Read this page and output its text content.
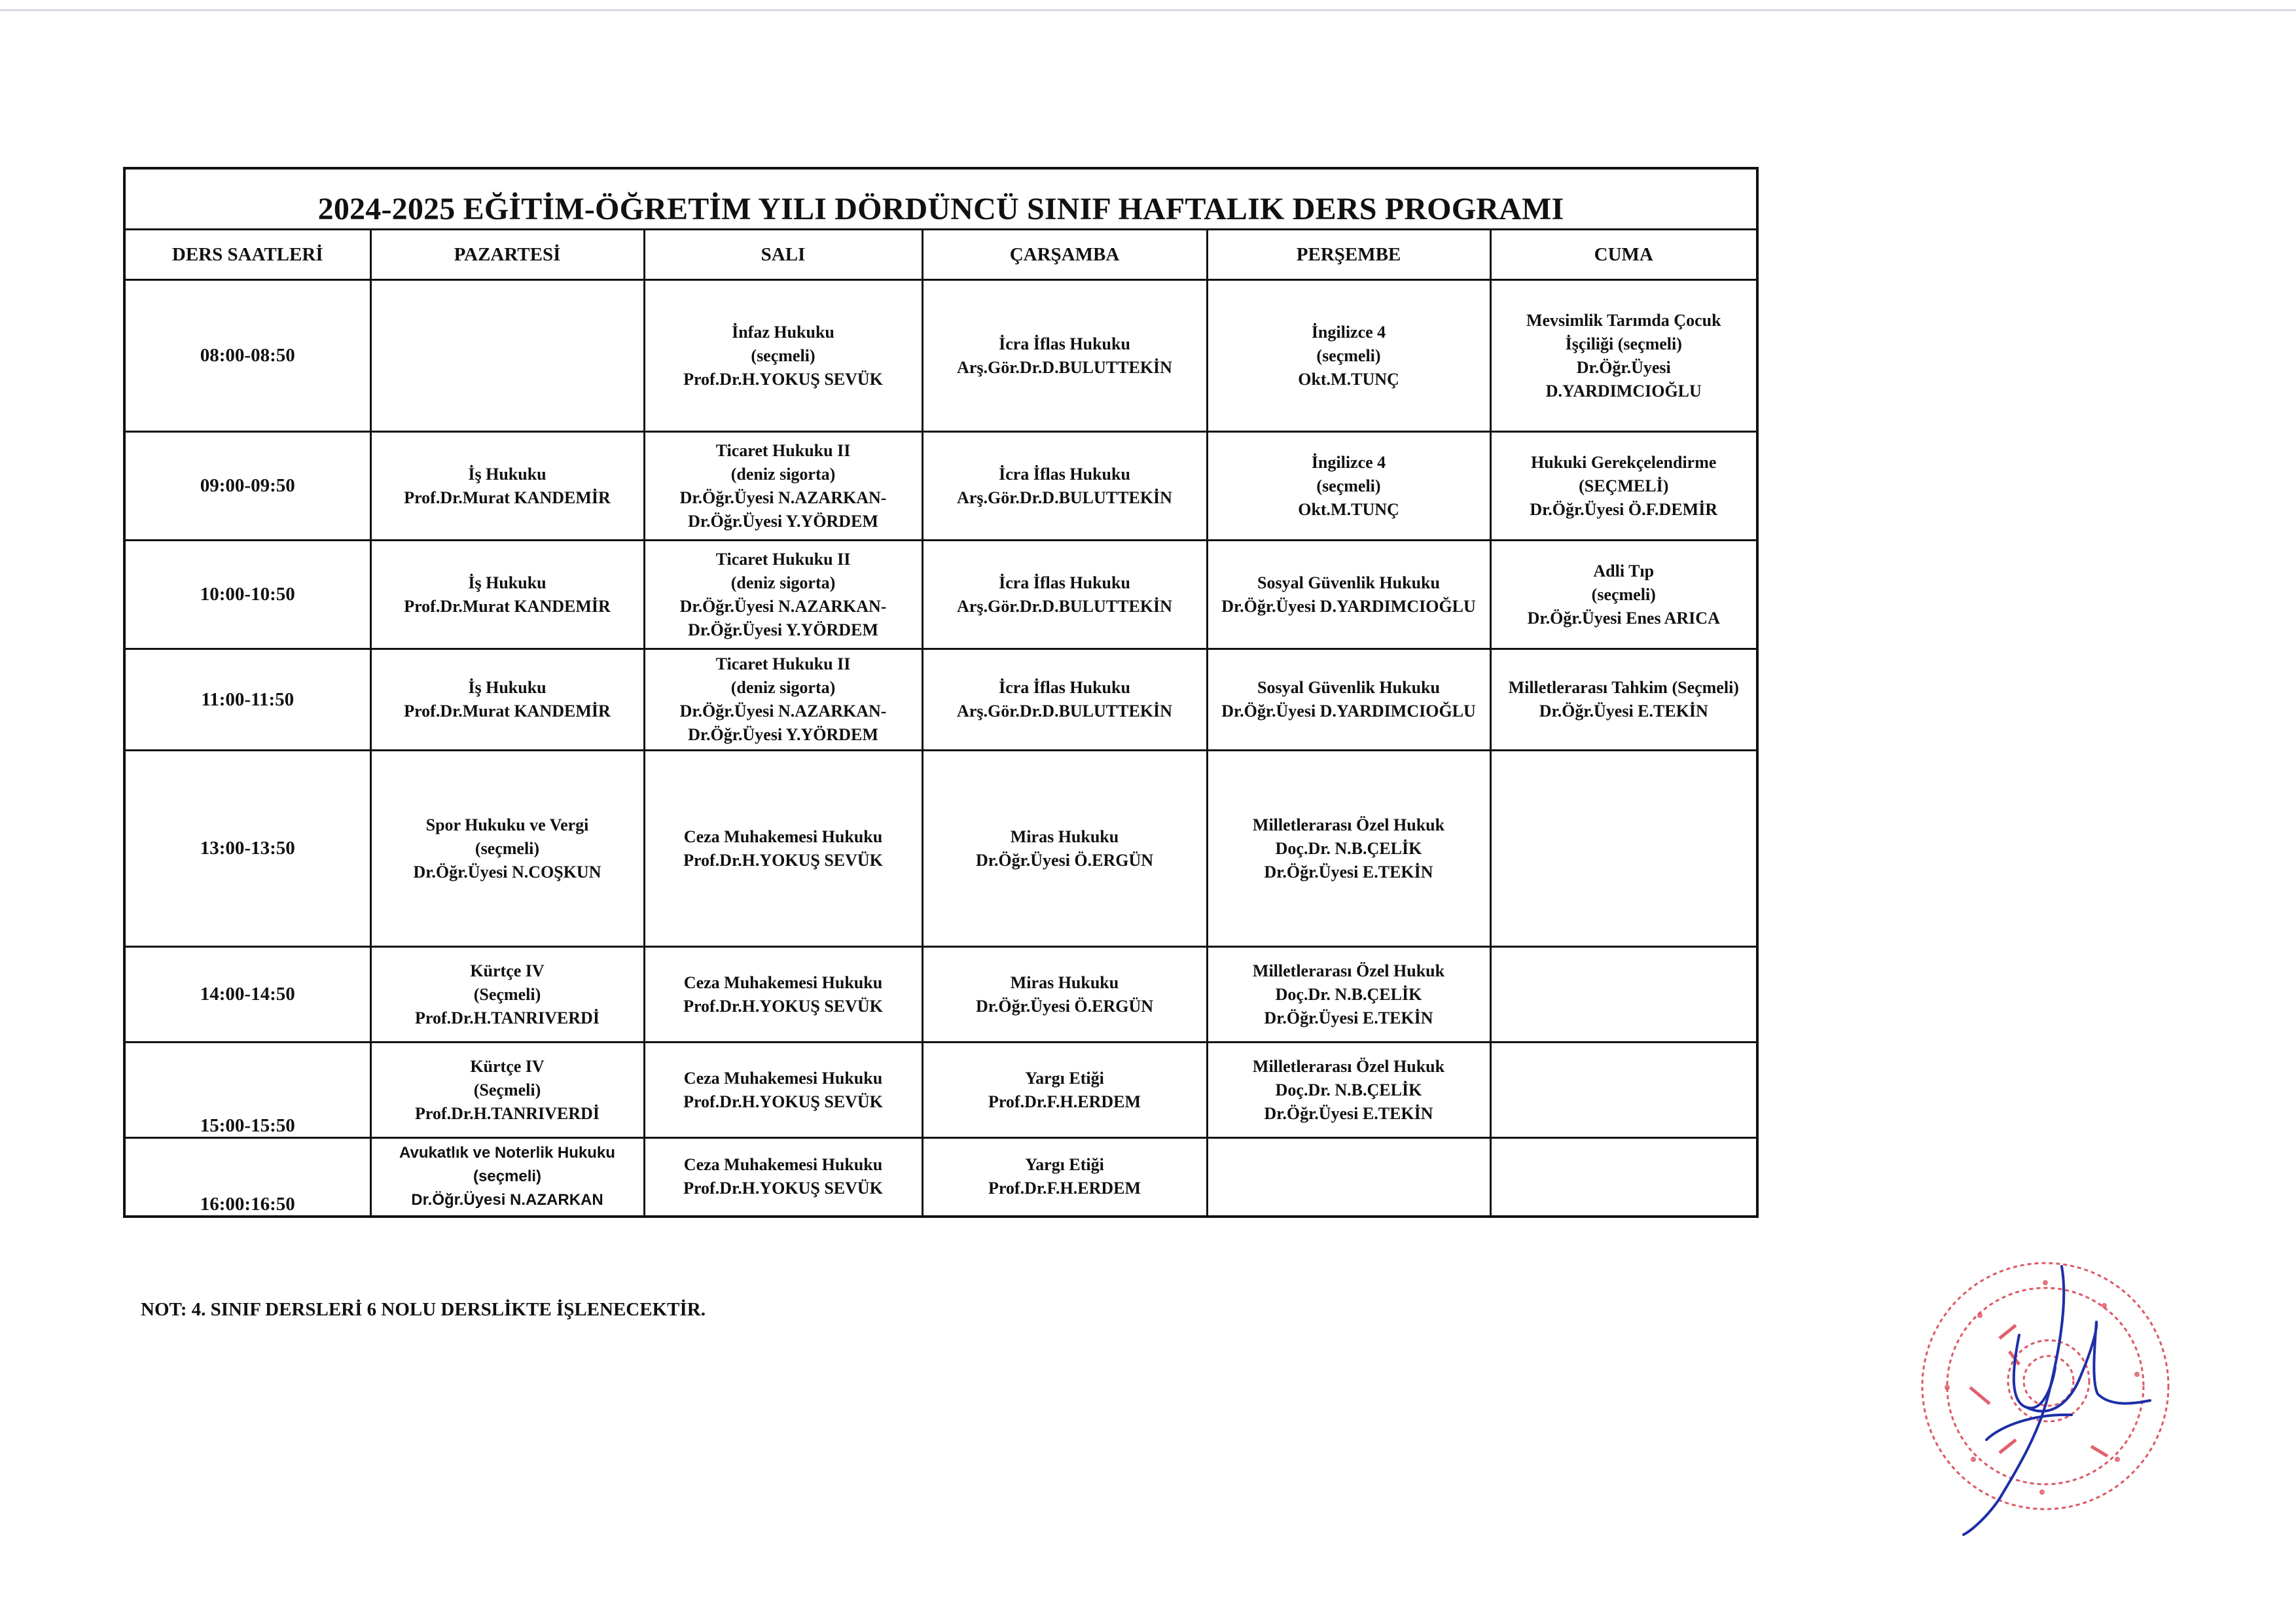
2024-2025 EĞİTİM-ÖĞRETİM YILI DÖRDÜNCÜ SINIF HAFTALIK DERS PROGRAMI					
DERS SAATLERİ	PAZARTESİ	SALI	ÇARŞAMBA	PERŞEMBE	CUMA
08:00-08:50		İnfaz Hukuku
(seçmeli)
Prof.Dr.H.YOKUŞ SEVÜK	İcra İflas Hukuku
Arş.Gör.Dr.D.BULUTTEKİN	İngilizce 4
(seçmeli)
Okt.M.TUNÇ	Mevsimlik Tarımda Çocuk
İşçiliği (seçmeli)
Dr.Öğr.Üyesi
D.YARDIMCIOĞLU

09:00-09:50	İş Hukuku
Prof.Dr.Murat KANDEMİR	Ticaret Hukuku II
(deniz sigorta)
Dr.Öğr.Üyesi N.AZARKAN-
Dr.Öğr.Üyesi Y.YÖRDEM	İcra İflas Hukuku
Arş.Gör.Dr.D.BULUTTEKİN	İngilizce 4
(seçmeli)
Okt.M.TUNÇ	Hukuki Gerekçelendirme
(SEÇMELİ)
Dr.Öğr.Üyesi Ö.F.DEMİR

10:00-10:50	İş Hukuku
Prof.Dr.Murat KANDEMİR	Ticaret Hukuku II
(deniz sigorta)
Dr.Öğr.Üyesi N.AZARKAN-
Dr.Öğr.Üyesi Y.YÖRDEM	İcra İflas Hukuku
Arş.Gör.Dr.D.BULUTTEKİN	Sosyal Güvenlik Hukuku
Dr.Öğr.Üyesi D.YARDIMCIOĞLU	Adli Tıp
(seçmeli)
Dr.Öğr.Üyesi Enes ARICA

11:00-11:50	İş Hukuku
Prof.Dr.Murat KANDEMİR	Ticaret Hukuku II
(deniz sigorta)
Dr.Öğr.Üyesi N.AZARKAN-
Dr.Öğr.Üyesi Y.YÖRDEM	İcra İflas Hukuku
Arş.Gör.Dr.D.BULUTTEKİN	Sosyal Güvenlik Hukuku
Dr.Öğr.Üyesi D.YARDIMCIOĞLU	Milletlerarası Tahkim (Seçmeli)
Dr.Öğr.Üyesi E.TEKİN

13:00-13:50	Spor Hukuku ve Vergi
(seçmeli)
Dr.Öğr.Üyesi N.COŞKUN	Ceza Muhakemesi Hukuku
Prof.Dr.H.YOKUŞ SEVÜK	Miras Hukuku
Dr.Öğr.Üyesi Ö.ERGÜN	Milletlerarası Özel Hukuk
Doç.Dr. N.B.ÇELİK
Dr.Öğr.Üyesi E.TEKİN	

14:00-14:50	Kürtçe IV
(Seçmeli)
Prof.Dr.H.TANRIVERDİ	Ceza Muhakemesi Hukuku
Prof.Dr.H.YOKUŞ SEVÜK	Miras Hukuku
Dr.Öğr.Üyesi Ö.ERGÜN	Milletlerarası Özel Hukuk
Doç.Dr. N.B.ÇELİK
Dr.Öğr.Üyesi E.TEKİN	

15:00-15:50	Kürtçe IV
(Seçmeli)
Prof.Dr.H.TANRIVERDİ	Ceza Muhakemesi Hukuku
Prof.Dr.H.YOKUŞ SEVÜK	Yargı Etiği
Prof.Dr.F.H.ERDEM	Milletlerarası Özel Hukuk
Doç.Dr. N.B.ÇELİK
Dr.Öğr.Üyesi E.TEKİN	

16:00:16:50	Avukatlık ve Noterlik Hukuku
(seçmeli)
Dr.Öğr.Üyesi N.AZARKAN	Ceza Muhakemesi Hukuku
Prof.Dr.H.YOKUŞ SEVÜK	Yargı Etiği
Prof.Dr.F.H.ERDEM		

NOT: 4. SINIF DERSLERİ 6 NOLU DERSLİKTE İŞLENECEKTİR.
